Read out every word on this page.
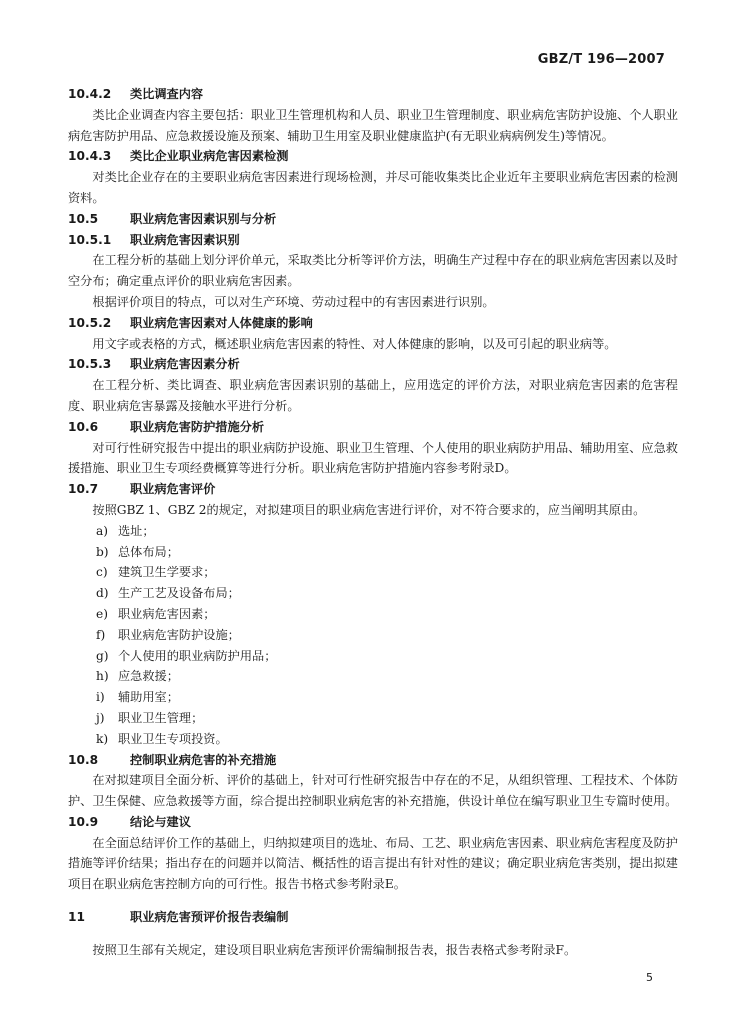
GBZ/T 196—2007

10.4.2 类比调查内容

类比企业调查内容主要包括：职业卫生管理机构和人员、职业卫生管理制度、职业病危害防护设施、个人职业病危害防护用品、应急救援设施及预案、辅助卫生用室及职业健康监护(有无职业病病例发生)等情况。

10.4.3 类比企业职业病危害因素检测

对类比企业存在的主要职业病危害因素进行现场检测，并尽可能收集类比企业近年主要职业病危害因素的检测资料。

10.5	职业病危害因素识别与分析

10.5.1 职业病危害因素识别

在工程分析的基础上划分评价单元，采取类比分析等评价方法，明确生产过程中存在的职业病危害因素以及时空分布；确定重点评价的职业病危害因素。

根据评价项目的特点，可以对生产环境、劳动过程中的有害因素进行识别。

10.5.2 职业病危害因素对人体健康的影响

用文字或表格的方式，概述职业病危害因素的特性、对人体健康的影响，以及可引起的职业病等。

10.5.3 职业病危害因素分析

在工程分析、类比调查、职业病危害因素识别的基础上，应用选定的评价方法，对职业病危害因素的危害程度、职业病危害暴露及接触水平进行分析。

10.6	职业病危害防护措施分析

对可行性研究报告中提出的职业病防护设施、职业卫生管理、个人使用的职业病防护用品、辅助用室、应急救援措施、职业卫生专项经费概算等进行分析。职业病危害防护措施内容参考附录D。

10.7	职业病危害评价

按照GBZ 1、GBZ 2的规定，对拟建项目的职业病危害进行评价，对不符合要求的，应当阐明其原由。

a) 选址；

b) 总体布局；

c) 建筑卫生学要求；

d) 生产工艺及设备布局；

e) 职业病危害因素；

f) 职业病危害防护设施；

g) 个人使用的职业病防护用品；

h) 应急救援；

i) 辅助用室；

j) 职业卫生管理；

k) 职业卫生专项投资。

10.8	控制职业病危害的补充措施

在对拟建项目全面分析、评价的基础上，针对可行性研究报告中存在的不足，从组织管理、工程技术、个体防护、卫生保健、应急救援等方面，综合提出控制职业病危害的补充措施，供设计单位在编写职业卫生专篇时使用。

10.9	结论与建议

在全面总结评价工作的基础上，归纳拟建项目的选址、布局、工艺、职业病危害因素、职业病危害程度及防护措施等评价结果；指出存在的问题并以简洁、概括性的语言提出有针对性的建议；确定职业病危害类别，提出拟建项目在职业病危害控制方向的可行性。报告书格式参考附录E。

11	职业病危害预评价报告表编制

按照卫生部有关规定，建设项目职业病危害预评价需编制报告表，报告表格式参考附录F。

5
